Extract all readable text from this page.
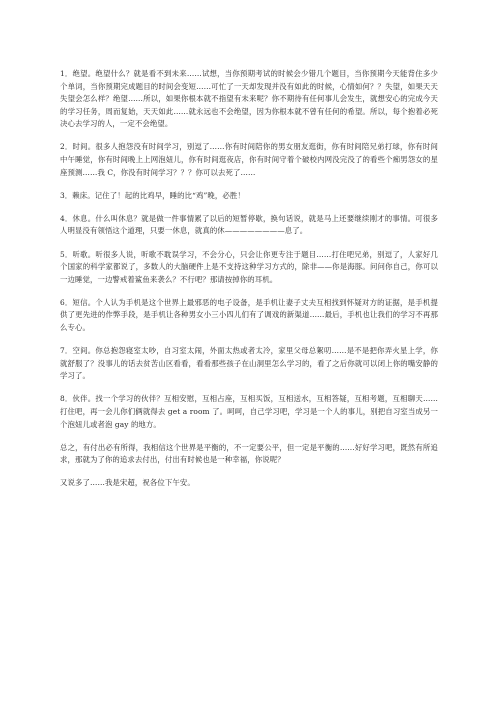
1．绝望。绝望什么？就是看不到未来……试想，当你预期考试的时候会少错几个题目，当你预期今天能背住多少个单词，当你预期完成题目的时间会变短……可忙了一天却发现并没有如此的时候，心情如何？？失望，如果天天失望会怎么样？绝望……所以，如果你根本就不指望有未来呢？你不期待有任何事儿会发生，就想安心的完成今天的学习任务，周而复始，天天如此……就永远也不会绝望，因为你根本就不曾有任何的希望。所以，每个抱着必死决心去学习的人，一定不会绝望。

2．时间。很多人抱怨没有时间学习，别逗了……你有时间陪你的男女朋友逛街，你有时间陪兄弟打球，你有时间中午睡觉，你有时间晚上上网泡妞儿，你有时间逛夜店，你有时间守着个破校内网没完没了的看些个痴男怨女的星座预测……我 C，你没有时间学习？？？你可以去死了……

3．赖床。记住了！起的比鸡早，睡的比“鸡”晚，必胜！

4．休息。什么叫休息？就是做一件事情累了以后的短暂停歇，换句话说，就是马上还要继续刚才的事情。可很多人明显没有领悟这个道理，只要一休息，就真的休————————息了。

5．听歌。听很多人说，听歌不耽误学习，不会分心，只会让你更专注于题目……打住吧兄弟，别逗了，人家好几个国家的科学家都说了，多数人的大脑硬件上是不支持这种学习方式的，除非——你是海豚。问问你自己，你可以一边睡觉，一边警戒着鲨鱼来袭么？不行吧？那请按掉你的耳机。

6．短信。个人认为手机是这个世界上最邪恶的电子设备，是手机让妻子丈夫互相找到怀疑对方的证据，是手机提供了更先进的作弊手段，是手机让各种男女小三小四儿们有了调戏的新渠道……最后，手机也让我们的学习不再那么专心。

7．空间。你总抱怨寝室太吵，自习室太闹，外面太热或者太冷，家里父母总絮叨……是不是把你弄火星上学，你就舒服了？没事儿的话去贫苦山区看看，看看那些孩子在山洞里怎么学习的，看了之后你就可以闭上你的嘴安静的学习了。

8．伙伴。找一个学习的伙伴？互相安慰，互相占座，互相买饭，互相送水，互相答疑，互相考题，互相聊天……打住吧，再一会儿你们俩就得去 get a room 了。呵呵，自己学习吧，学习是一个人的事儿，别把自习室当成另一个泡妞儿或者泡 gay 的地方。

总之，有付出必有所得，我相信这个世界是平衡的，不一定要公平，但一定是平衡的……好好学习吧，既然有所追求，那就为了你的追求去付出，付出有时候也是一种幸福，你说呢？

又说多了……我是宋超，祝各位下午安。
